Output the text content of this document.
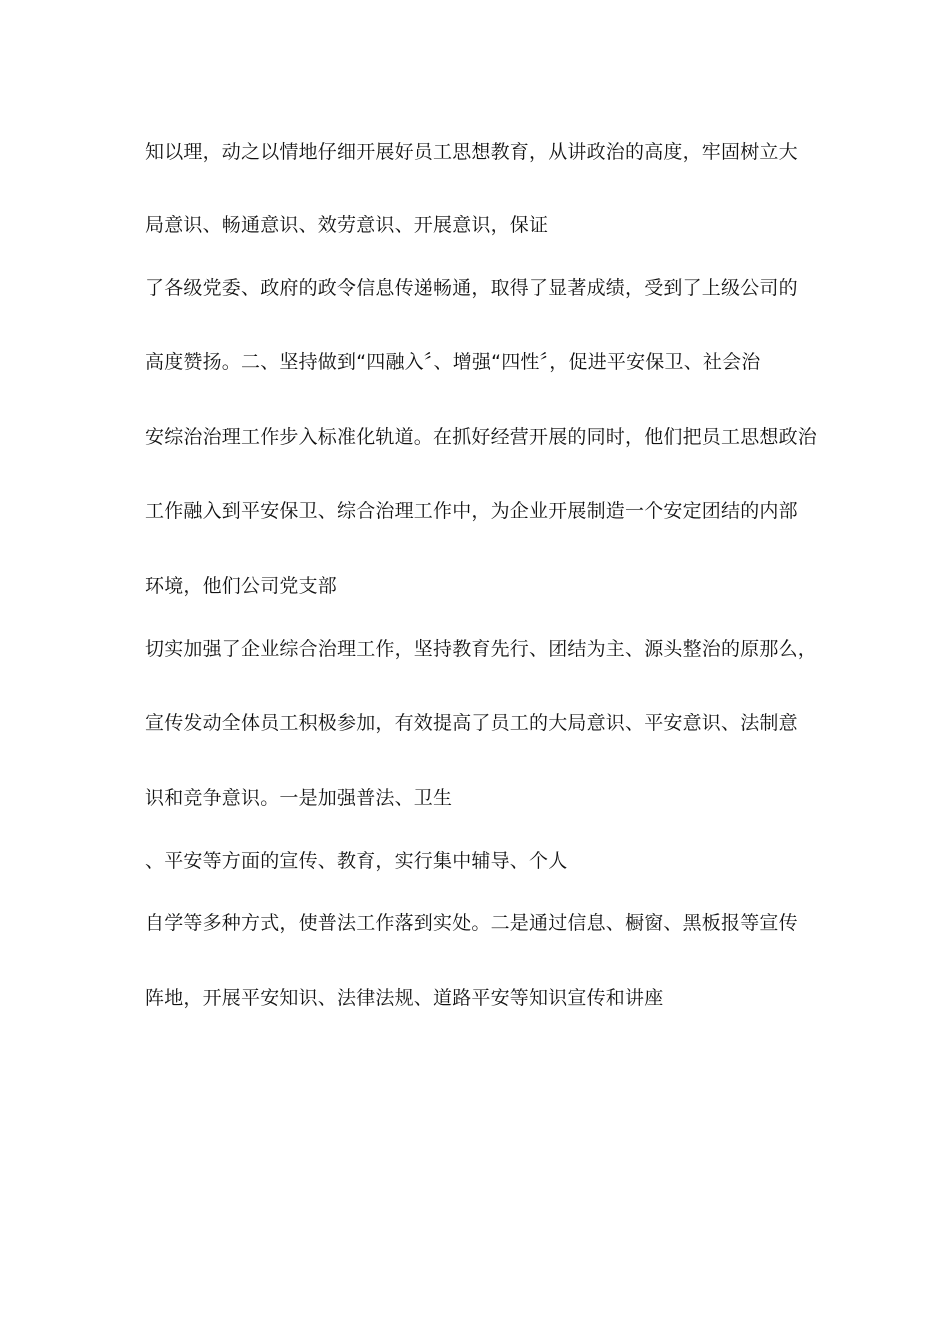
知以理，动之以情地仔细开展好员工思想教育，从讲政治的高度，牢固树立大
局意识、畅通意识、效劳意识、开展意识，保证
了各级党委、政府的政令信息传递畅通，取得了显著成绩，受到了上级公司的
高度赞扬。二、坚持做到“四融入〞、增强“四性〞，促进平安保卫、社会治
安综治治理工作步入标准化轨道。在抓好经营开展的同时，他们把员工思想政治
工作融入到平安保卫、综合治理工作中，为企业开展制造一个安定团结的内部
环境，他们公司党支部
切实加强了企业综合治理工作，坚持教育先行、团结为主、源头整治的原那么，
宣传发动全体员工积极参加，有效提高了员工的大局意识、平安意识、法制意
识和竞争意识。一是加强普法、卫生
、平安等方面的宣传、教育，实行集中辅导、个人
自学等多种方式，使普法工作落到实处。二是通过信息、橱窗、黑板报等宣传
阵地，开展平安知识、法律法规、道路平安等知识宣传和讲座
